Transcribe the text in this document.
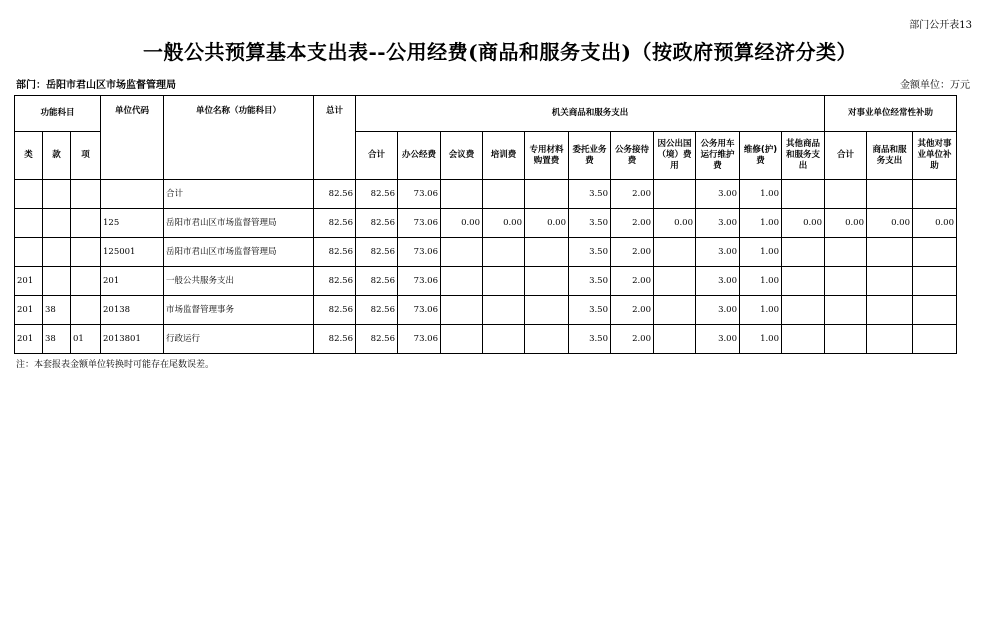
部门公开表13
一般公共预算基本支出表--公用经费(商品和服务支出)（按政府预算经济分类）
部门：岳阳市君山区市场监督管理局	金额单位：万元
功能科目			单位代码	单位名称（功能科目）	总计	机关商品和服务支出											对事业单位经常性补助		
类	款	项				合计	办公经费	会议费	培训费	专用材料购置费	委托业务费	公务接待费	因公出国（境）费用	公务用车运行维护费	维修(护)费	其他商品和服务支出	合计	商品和服务支出	其他对事业单位补助
				合计	82.56	82.56	73.06				3.50	2.00		3.00	1.00				
			125	岳阳市君山区市场监督管理局	82.56	82.56	73.06	0.00	0.00	0.00	3.50	2.00	0.00	3.00	1.00	0.00	0.00	0.00	0.00
			125001	岳阳市君山区市场监督管理局	82.56	82.56	73.06				3.50	2.00		3.00	1.00				
201			201	一般公共服务支出	82.56	82.56	73.06				3.50	2.00		3.00	1.00				
201	38		20138	市场监督管理事务	82.56	82.56	73.06				3.50	2.00		3.00	1.00				
201	38	01	2013801	行政运行	82.56	82.56	73.06				3.50	2.00		3.00	1.00				
注：本套报表金额单位转换时可能存在尾数误差。
